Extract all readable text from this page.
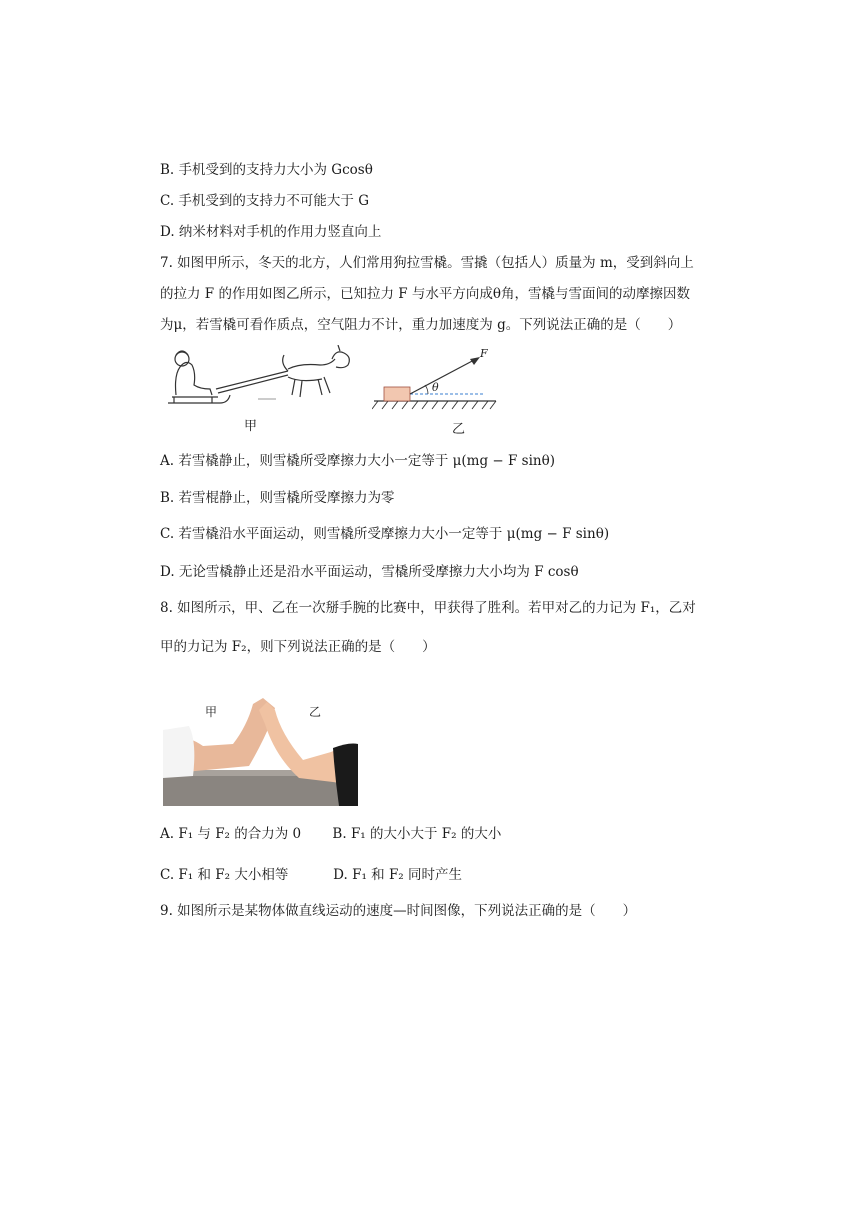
B. 手机受到的支持力大小为 Gcosθ
C. 手机受到的支持力不可能大于 G
D. 纳米材料对手机的作用力竖直向上
7. 如图甲所示，冬天的北方，人们常用狗拉雪橇。雪撬（包括人）质量为 m，受到斜向上
的拉力 F 的作用如图乙所示，已知拉力 F 与水平方向成θ角，雪橇与雪面间的动摩擦因数
为μ，若雪橇可看作质点，空气阻力不计，重力加速度为 g。下列说法正确的是（　　）
甲
F
θ
乙
A. 若雪橇静止，则雪橇所受摩擦力大小一定等于 μ(mg − F sinθ)
B. 若雪棍静止，则雪橇所受摩擦力为零
C. 若雪橇沿水平面运动，则雪橇所受摩擦力大小一定等于 μ(mg − F sinθ)
D. 无论雪橇静止还是沿水平面运动，雪橇所受摩擦力大小均为 F cosθ
8. 如图所示，甲、乙在一次掰手腕的比赛中，甲获得了胜利。若甲对乙的力记为 F₁，乙对
甲的力记为 F₂，则下列说法正确的是（　　）
甲	乙
A. F₁ 与 F₂ 的合力为 0　　 B. F₁ 的大小大于 F₂ 的大小
C. F₁ 和 F₂ 大小相等　　　 D. F₁ 和 F₂ 同时产生
9. 如图所示是某物体做直线运动的速度—时间图像，下列说法正确的是（　　）
